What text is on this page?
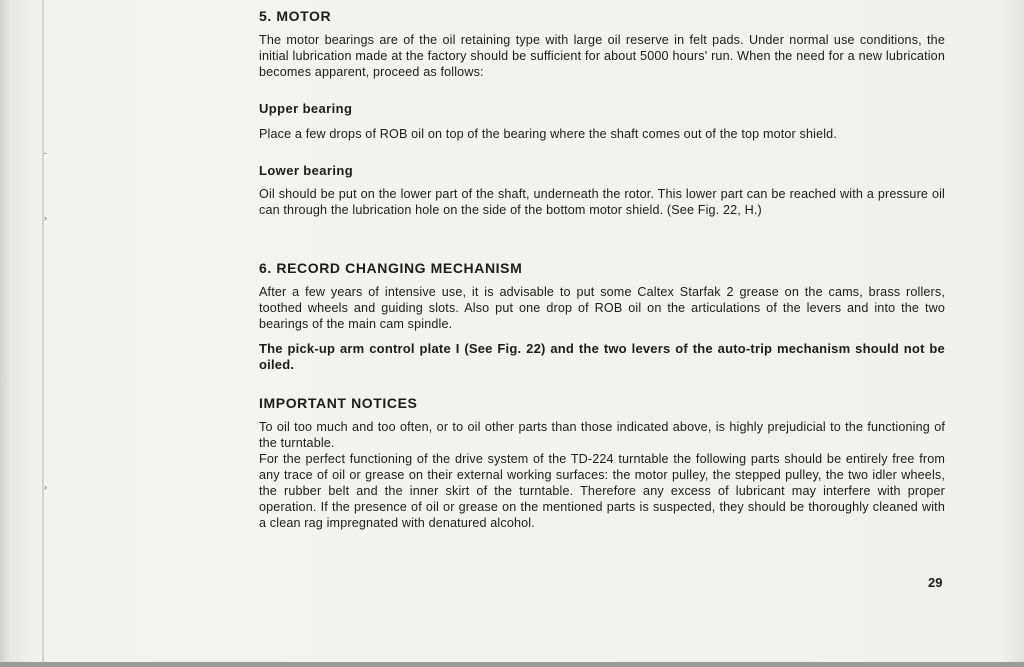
‑
›
›
5. MOTOR

The motor bearings are of the oil retaining type with large oil reserve in felt pads. Under normal use conditions, the initial lubrication made at the factory should be sufficient for about 5000 hours' run. When the need for a new lubrication becomes apparent, proceed as follows:

Upper bearing

Place a few drops of ROB oil on top of the bearing where the shaft comes out of the top motor shield.

Lower bearing

Oil should be put on the lower part of the shaft, underneath the rotor. This lower part can be reached with a pressure oil can through the lubrication hole on the side of the bottom motor shield. (See Fig. 22, H.)

6. RECORD CHANGING MECHANISM

After a few years of intensive use, it is advisable to put some Caltex Starfak 2 grease on the cams, brass rollers, toothed wheels and guiding slots. Also put one drop of ROB oil on the articulations of the levers and into the two bearings of the main cam spindle.

The pick-up arm control plate I (See Fig. 22) and the two levers of the auto-trip mechanism should not be oiled.

IMPORTANT NOTICES

To oil too much and too often, or to oil other parts than those indicated above, is highly prejudicial to the functioning of the turntable.

For the perfect functioning of the drive system of the TD-224 turntable the following parts should be entirely free from any trace of oil or grease on their external working surfaces: the motor pulley, the stepped pulley, the two idler wheels, the rubber belt and the inner skirt of the turntable. Therefore any excess of lubricant may interfere with proper operation. If the presence of oil or grease on the mentioned parts is suspected, they should be thoroughly cleaned with a clean rag impregnated with denatured alcohol.

29
